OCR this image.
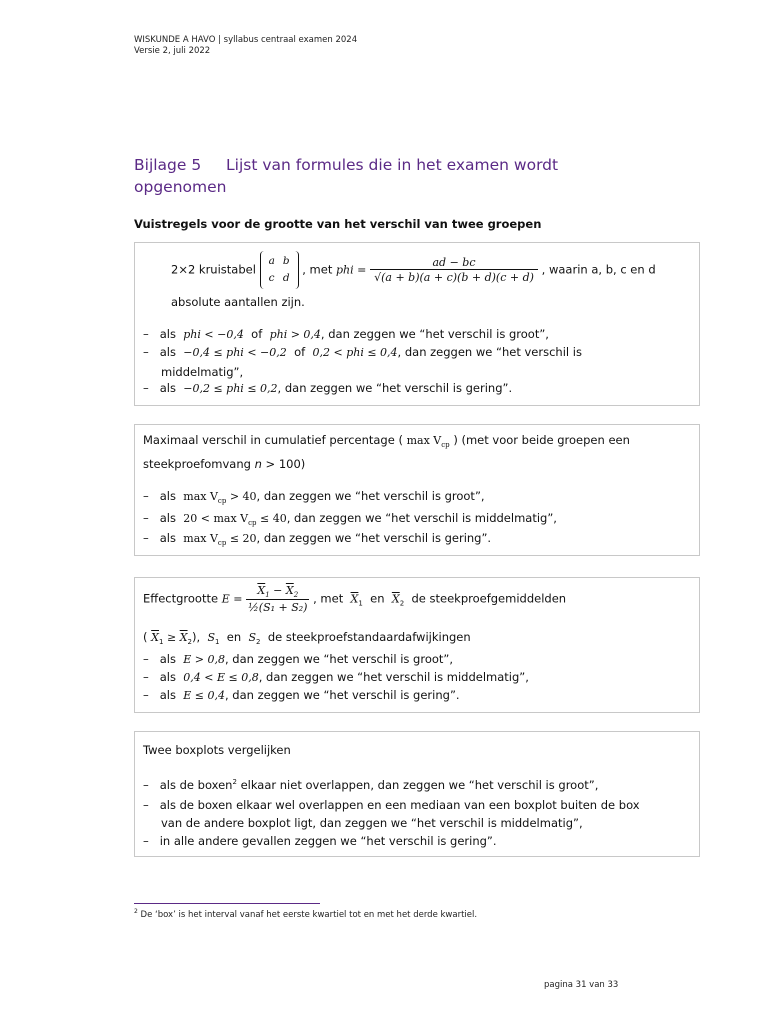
WISKUNDE A HAVO | syllabus centraal examen 2024
Versie 2, juli 2022
Bijlage 5 Lijst van formules die in het examen wordt opgenomen
Vuistregels voor de grootte van het verschil van twee groepen
2×2 kruistabel
a	b
c	d
, met phi = $\frac{ad - bc}{√(a + b)(a + c)(b + d)(c + d)}$ , waarin a, b, c en d
absolute aantallen zijn.
– als phi < −0,4 of phi > 0,4, dan zeggen we “het verschil is groot”,
– als −0,4 ≤ phi < −0,2 of 0,2 < phi ≤ 0,4, dan zeggen we “het verschil is
middelmatig”,
– als −0,2 ≤ phi ≤ 0,2, dan zeggen we “het verschil is gering”.
Maximaal verschil in cumulatief percentage ( $\max V_{cp}$ ) (met voor beide groepen een
steekproefomvang n > 100)
– als $\max V_{cp} > 40$, dan zeggen we “het verschil is groot”,
– als $20 < \max V_{cp} \le 40$, dan zeggen we “het verschil is middelmatig”,
– als $\max V_{cp} \le 20$, dan zeggen we “het verschil is gering”.
Effectgrootte $E = \frac{\overline{X}_1 - \overline{X}_2}{\text{½(S₁ + S₂)}}$ , met $\overline{X}_1$ en $\overline{X}_2$ de steekproefgemiddelden
( $\overline{X}_1 \ge \overline{X}_2$), $S_1$ en $S_2$ de steekproefstandaardafwijkingen
– als E > 0,8, dan zeggen we “het verschil is groot”,
– als 0,4 < E ≤ 0,8, dan zeggen we “het verschil is middelmatig”,
– als E ≤ 0,4, dan zeggen we “het verschil is gering”.
Twee boxplots vergelijken
– als de boxen$^2$ elkaar niet overlappen, dan zeggen we “het verschil is groot”,
– als de boxen elkaar wel overlappen en een mediaan van een boxplot buiten de box
van de andere boxplot ligt, dan zeggen we “het verschil is middelmatig”,
– in alle andere gevallen zeggen we “het verschil is gering”.
$^2$ De ‘box’ is het interval vanaf het eerste kwartiel tot en met het derde kwartiel.
pagina 31 van 33
